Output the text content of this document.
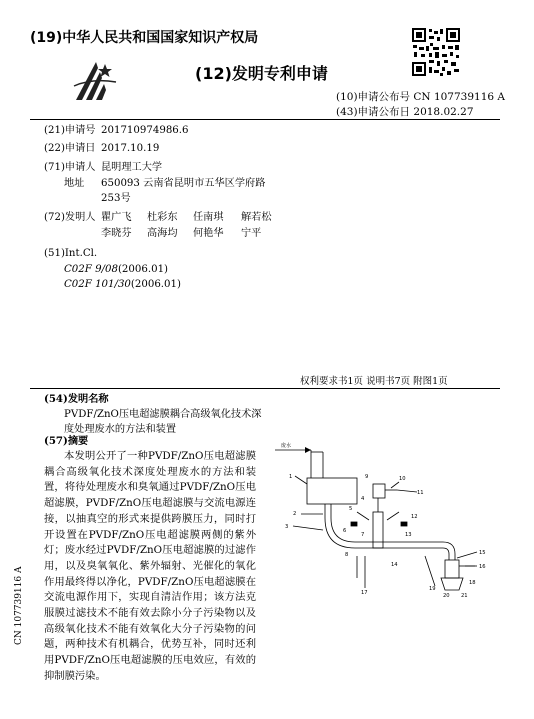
(19)中华人民共和国国家知识产权局
(12)发明专利申请
(10)申请公布号 CN 107739116 A
(43)申请公布日 2018.02.27
(21)申请号 201710974986.6
(22)申请日 2017.10.19
(71)申请人 昆明理工大学
地址 650093 云南省昆明市五华区学府路
253号
(72)发明人 瞿广飞 杜彩东 任南琪 解若松
李晓芬 高海均 何艳华 宁平
(51)Int.Cl.
C02F 9/08(2006.01)
C02F 101/30(2006.01)
权利要求书1页 说明书7页 附图1页
(54)发明名称
PVDF/ZnO压电超滤膜耦合高级氧化技术深
度处理废水的方法和装置
(57)摘要
本发明公开了一种PVDF/ZnO压电超滤膜耦合高级氧化技术深度处理废水的方法和装置，将待处理废水和臭氧通过PVDF/ZnO压电超滤膜，PVDF/ZnO压电超滤膜与交流电源连接，以抽真空的形式来提供跨膜压力，同时打开设置在PVDF/ZnO压电超滤膜两侧的紫外灯；废水经过PVDF/ZnO压电超滤膜的过滤作用，以及臭氧氧化、紫外辐射、光催化的氧化作用最终得以净化，PVDF/ZnO压电超滤膜在交流电源作用下，实现自清洁作用；该方法克服膜过滤技术不能有效去除小分子污染物以及高级氧化技术不能有效氧化大分子污染物的问题，两种技术有机耦合，优势互补，同时还利用PVDF/ZnO压电超滤膜的压电效应，有效的抑制膜污染。
CN 107739116 A
废水
1
2
3
4
5
6
7
8
9	10
11
12
13
14
15
16
17
18
19
20 21
